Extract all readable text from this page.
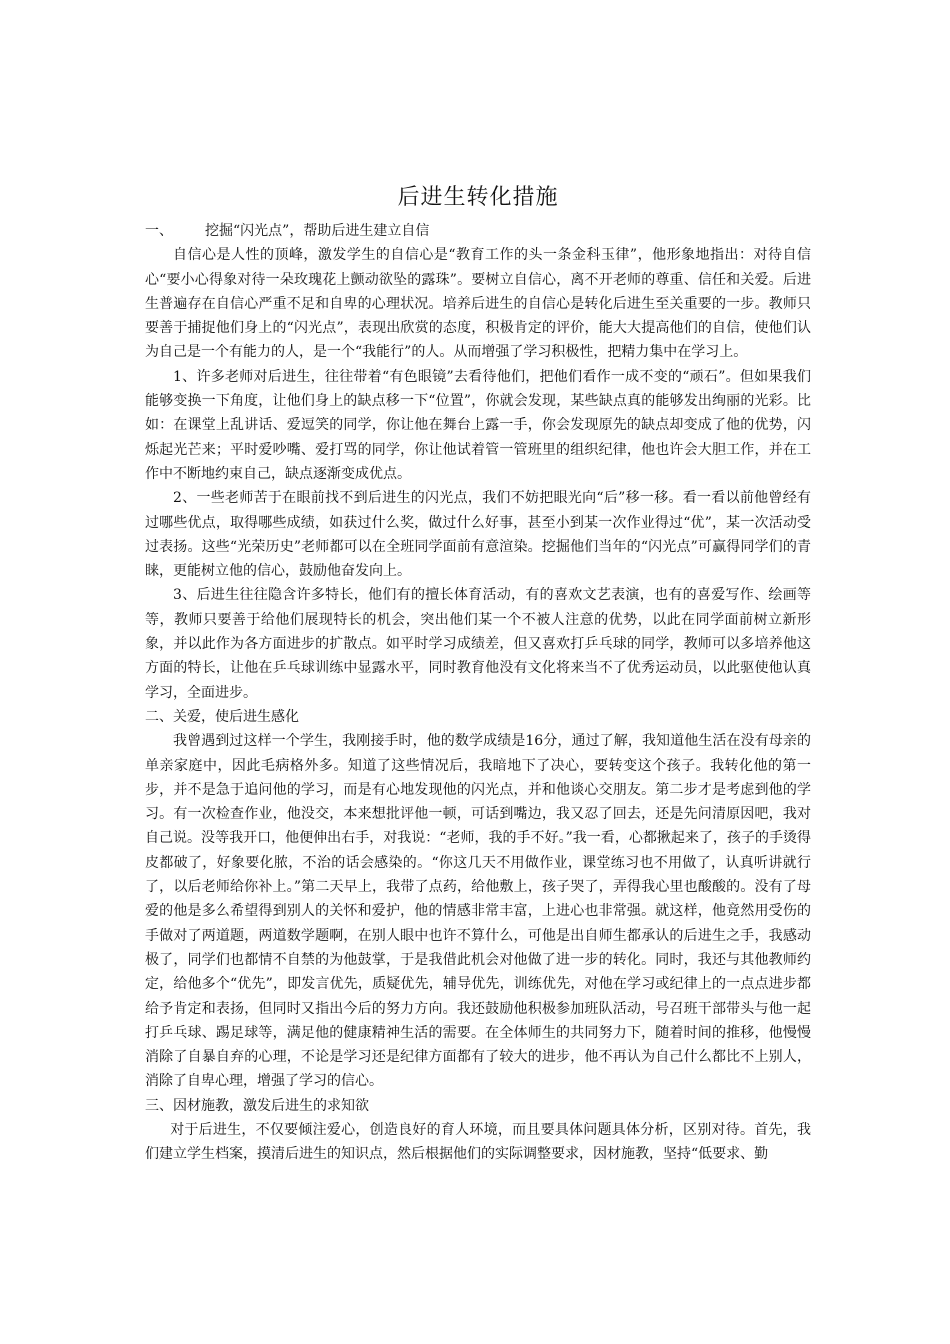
后进生转化措施

一、 挖掘“闪光点”，帮助后进生建立自信

自信心是人性的顶峰，激发学生的自信心是“教育工作的头一条金科玉律”，他形象地指出：对待自信心“要小心得象对待一朵玫瑰花上颤动欲坠的露珠”。要树立自信心，离不开老师的尊重、信任和关爱。后进生普遍存在自信心严重不足和自卑的心理状况。培养后进生的自信心是转化后进生至关重要的一步。教师只要善于捕捉他们身上的“闪光点”，表现出欣赏的态度，积极肯定的评价，能大大提高他们的自信，使他们认为自己是一个有能力的人，是一个“我能行”的人。从而增强了学习积极性，把精力集中在学习上。

1、许多老师对后进生，往往带着“有色眼镜”去看待他们，把他们看作一成不变的“顽石”。但如果我们能够变换一下角度，让他们身上的缺点移一下“位置”，你就会发现，某些缺点真的能够发出绚丽的光彩。比如：在课堂上乱讲话、爱逗笑的同学，你让他在舞台上露一手，你会发现原先的缺点却变成了他的优势，闪烁起光芒来；平时爱吵嘴、爱打骂的同学，你让他试着管一管班里的组织纪律，他也许会大胆工作，并在工作中不断地约束自己，缺点逐渐变成优点。

2、一些老师苦于在眼前找不到后进生的闪光点，我们不妨把眼光向“后”移一移。看一看以前他曾经有过哪些优点，取得哪些成绩，如获过什么奖，做过什么好事，甚至小到某一次作业得过“优”，某一次活动受过表扬。这些“光荣历史”老师都可以在全班同学面前有意渲染。挖掘他们当年的“闪光点”可赢得同学们的青睐，更能树立他的信心，鼓励他奋发向上。

3、后进生往往隐含许多特长，他们有的擅长体育活动，有的喜欢文艺表演，也有的喜爱写作、绘画等等，教师只要善于给他们展现特长的机会，突出他们某一个不被人注意的优势，以此在同学面前树立新形象，并以此作为各方面进步的扩散点。如平时学习成绩差，但又喜欢打乒乓球的同学，教师可以多培养他这方面的特长，让他在乒乓球训练中显露水平，同时教育他没有文化将来当不了优秀运动员，以此驱使他认真学习，全面进步。

二、关爱，使后进生感化

我曾遇到过这样一个学生，我刚接手时，他的数学成绩是16分，通过了解，我知道他生活在没有母亲的单亲家庭中，因此毛病格外多。知道了这些情况后，我暗地下了决心，要转变这个孩子。我转化他的第一步，并不是急于追问他的学习，而是有心地发现他的闪光点，并和他谈心交朋友。第二步才是考虑到他的学习。有一次检查作业，他没交，本来想批评他一顿，可话到嘴边，我又忍了回去，还是先问清原因吧，我对自己说。没等我开口，他便伸出右手，对我说：“老师，我的手不好。”我一看，心都揪起来了，孩子的手烫得皮都破了，好象要化脓，不治的话会感染的。“你这几天不用做作业，课堂练习也不用做了，认真听讲就行了，以后老师给你补上。”第二天早上，我带了点药，给他敷上，孩子哭了，弄得我心里也酸酸的。没有了母爱的他是多么希望得到别人的关怀和爱护，他的情感非常丰富，上进心也非常强。就这样，他竟然用受伤的手做对了两道题，两道数学题啊，在别人眼中也许不算什么，可他是出自师生都承认的后进生之手，我感动极了，同学们也都情不自禁的为他鼓掌，于是我借此机会对他做了进一步的转化。同时，我还与其他教师约定，给他多个“优先”，即发言优先，质疑优先，辅导优先，训练优先，对他在学习或纪律上的一点点进步都给予肯定和表扬，但同时又指出今后的努力方向。我还鼓励他积极参加班队活动，号召班干部带头与他一起打乒乓球、踢足球等，满足他的健康精神生活的需要。在全体师生的共同努力下，随着时间的推移，他慢慢消除了自暴自弃的心理，不论是学习还是纪律方面都有了较大的进步，他不再认为自己什么都比不上别人，消除了自卑心理，增强了学习的信心。

三、因材施教，激发后进生的求知欲

对于后进生，不仅要倾注爱心，创造良好的育人环境，而且要具体问题具体分析，区别对待。首先，我们建立学生档案，摸清后进生的知识点，然后根据他们的实际调整要求，因材施教，坚持“低要求、勤
